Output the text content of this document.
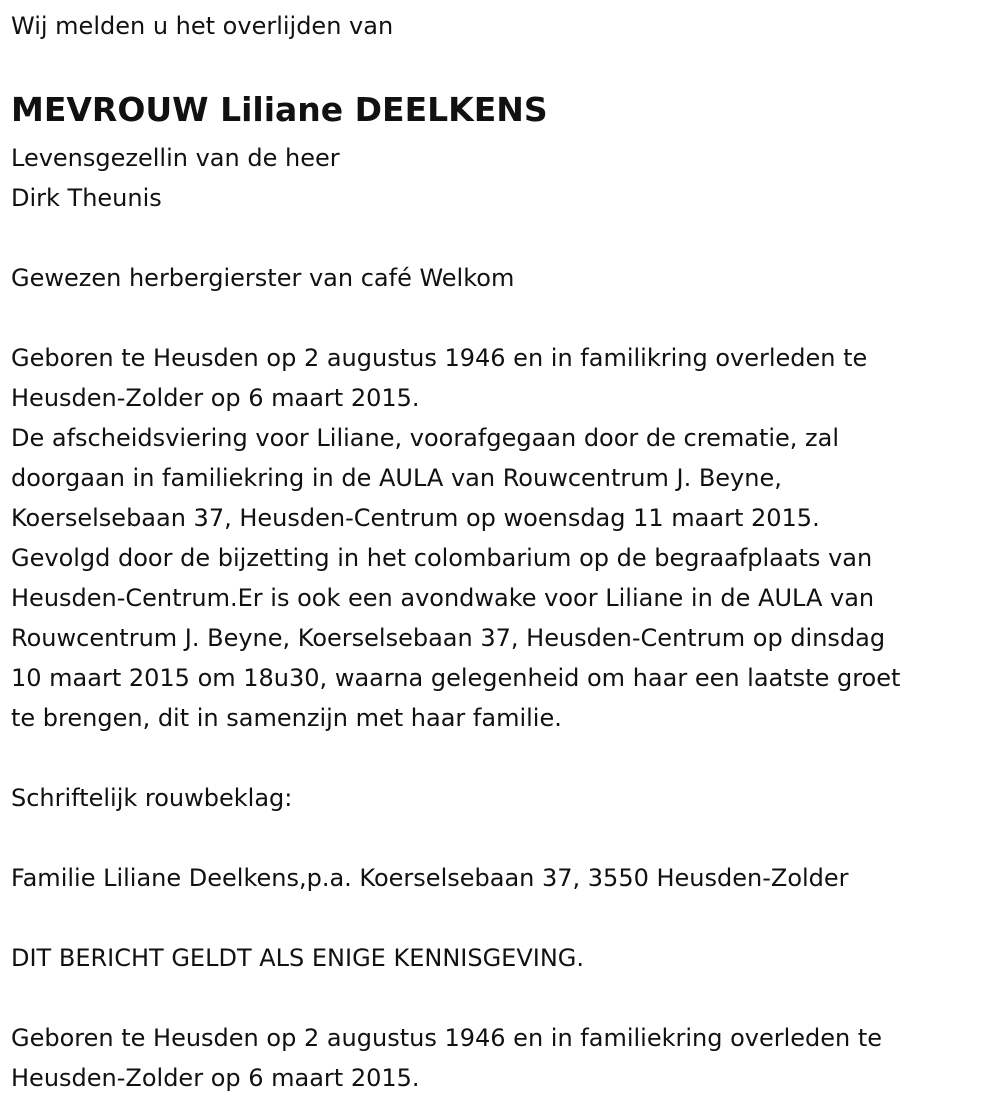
Wij melden u het overlijden van
MEVROUW Liliane DEELKENS
Levensgezellin van de heer
Dirk Theunis
Gewezen herbergierster van café Welkom
Geboren te Heusden op 2 augustus 1946 en in familikring overleden te
Heusden-Zolder op 6 maart 2015.
De afscheidsviering voor Liliane, voorafgegaan door de crematie, zal
doorgaan in familiekring in de AULA van Rouwcentrum J. Beyne,
Koerselsebaan 37, Heusden-Centrum op woensdag 11 maart 2015.
Gevolgd door de bijzetting in het colombarium op de begraafplaats van
Heusden-Centrum.Er is ook een avondwake voor Liliane in de AULA van
Rouwcentrum J. Beyne, Koerselsebaan 37, Heusden-Centrum op dinsdag
10 maart 2015 om 18u30, waarna gelegenheid om haar een laatste groet
te brengen, dit in samenzijn met haar familie.
Schriftelijk rouwbeklag:
Familie Liliane Deelkens,p.a. Koerselsebaan 37, 3550 Heusden-Zolder
DIT BERICHT GELDT ALS ENIGE KENNISGEVING.
Geboren te Heusden op 2 augustus 1946 en in familiekring overleden te
Heusden-Zolder op 6 maart 2015.
